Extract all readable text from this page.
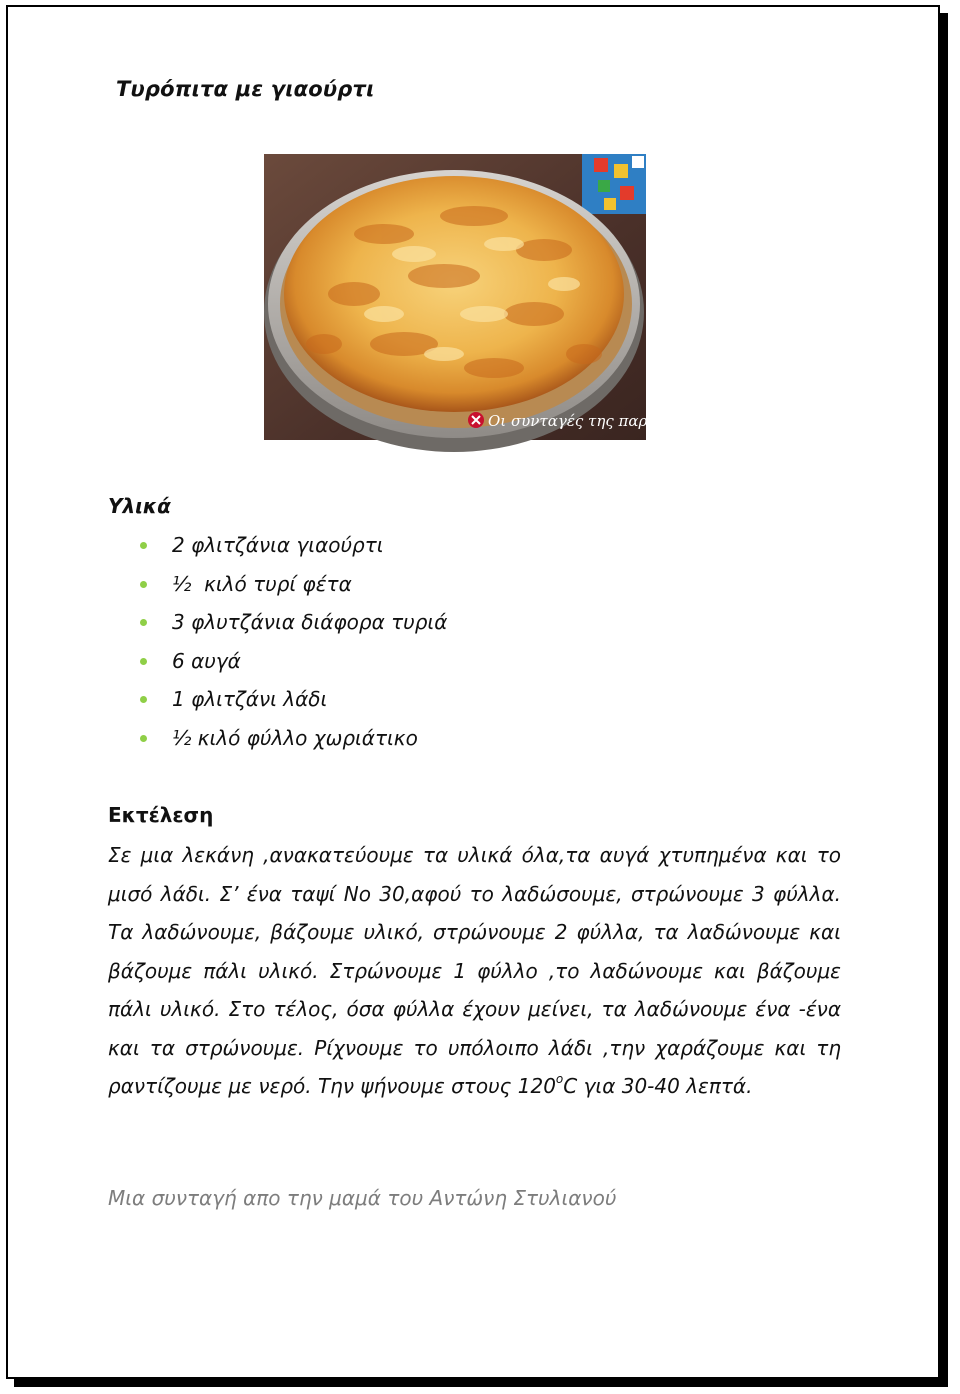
Τυρόπιτα με γιαούρτι
Οι συνταγές της παρέας
Υλικά
2 φλιτζάνια γιαούρτι
½  κιλό τυρί φέτα
3 φλυτζάνια διάφορα τυριά
6 αυγά
1 φλιτζάνι λάδι
½ κιλό φύλλο χωριάτικο
Εκτέλεση

Σε μια λεκάνη ,ανακατεύουμε τα υλικά όλα,τα αυγά χτυπημένα και το μισό λάδι. Σ’ ένα ταψί Νο 30,αφού το λαδώσουμε, στρώνουμε 3 φύλλα. Τα λαδώνουμε, βάζουμε υλικό, στρώνουμε 2 φύλλα, τα λαδώνουμε και βάζουμε πάλι υλικό. Στρώνουμε 1 φύλλο ,το λαδώνουμε και βάζουμε πάλι υλικό. Στο τέλος, όσα φύλλα έχουν μείνει, τα λαδώνουμε ένα -ένα και τα στρώνουμε. Ρίχνουμε το υπόλοιπο λάδι ,την χαράζουμε και τη ραντίζουμε με νερό. Την ψήνουμε στους $120^oC$ για 30-40 λεπτά.

Μια συνταγή απο την μαμά του Αντώνη Στυλιανού
